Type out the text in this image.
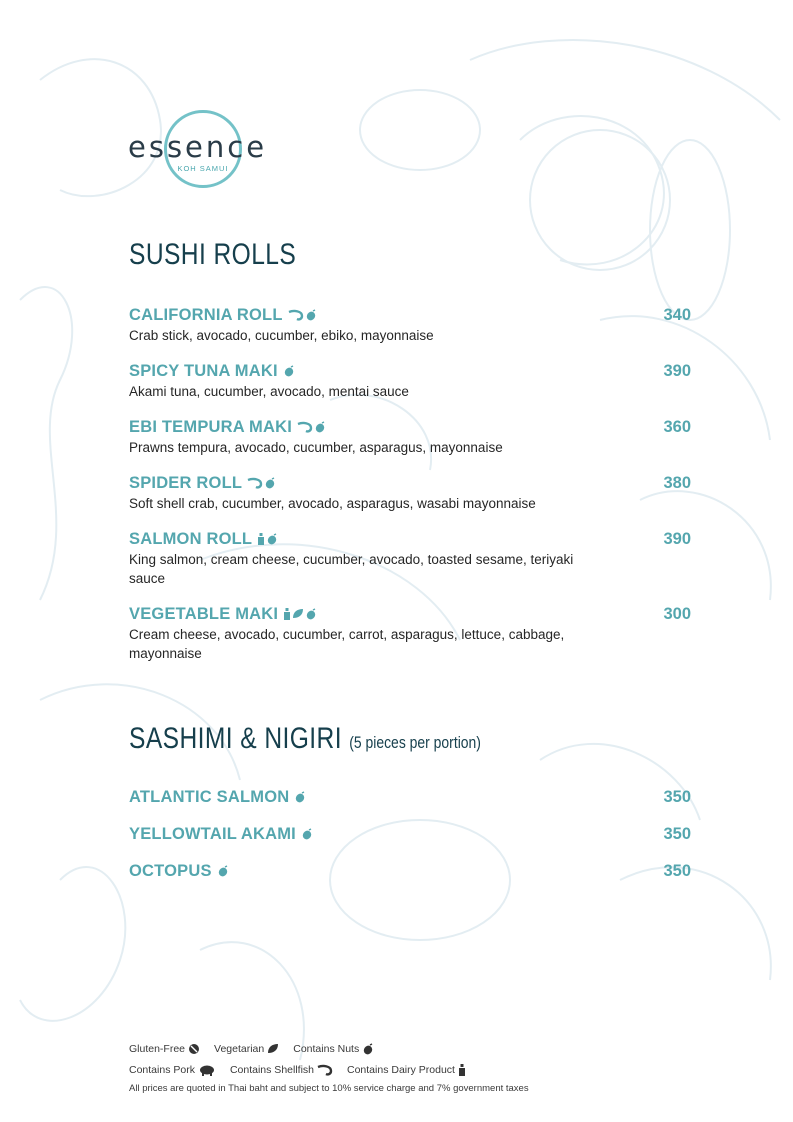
essence
KOH SAMUI
SUSHI ROLLS
CALIFORNIA ROLL	340
Crab stick, avocado, cucumber, ebiko, mayonnaise
SPICY TUNA MAKI	390
Akami tuna, cucumber, avocado, mentai sauce
EBI TEMPURA MAKI	360
Prawns tempura, avocado, cucumber, asparagus, mayonnaise
SPIDER ROLL	380
Soft shell crab, cucumber, avocado, asparagus, wasabi mayonnaise
SALMON ROLL	390
King salmon, cream cheese, cucumber, avocado, toasted sesame, teriyaki sauce
VEGETABLE MAKI	300
Cream cheese, avocado, cucumber, carrot, asparagus, lettuce, cabbage, mayonnaise
SASHIMI & NIGIRI (5 pieces per portion)
ATLANTIC SALMON	350
YELLOWTAIL AKAMI	350
OCTOPUS	350
Gluten-Free	Vegetarian	Contains Nuts
Contains Pork	Contains Shellfish	Contains Dairy Product
All prices are quoted in Thai baht and subject to 10% service charge and 7% government taxes
